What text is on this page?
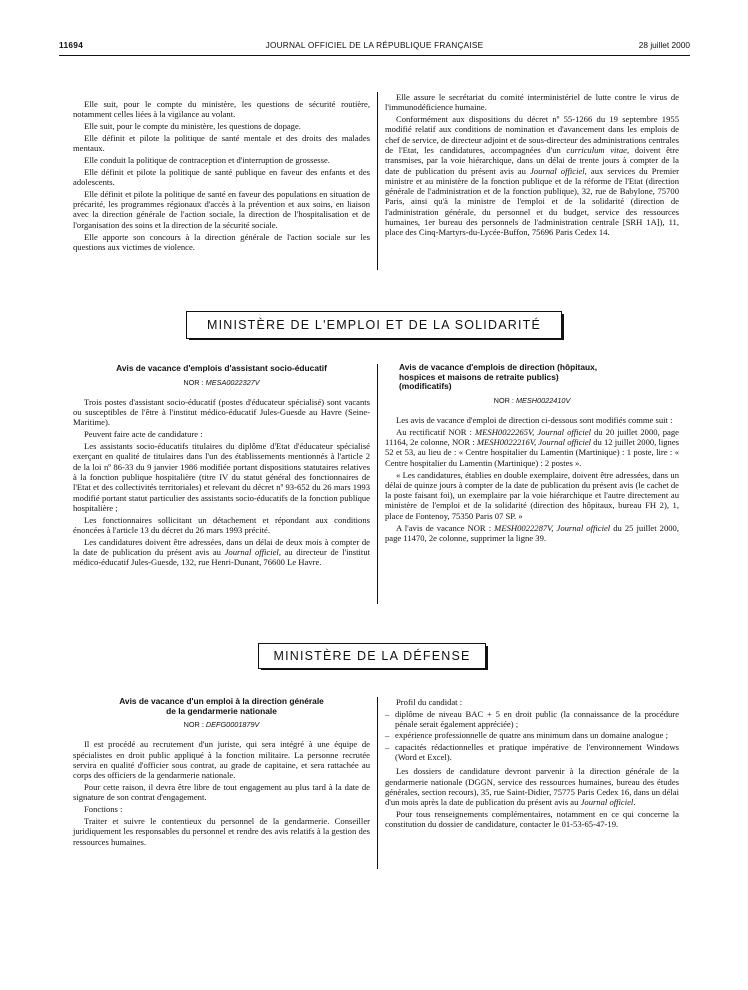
11694	JOURNAL OFFICIEL DE LA RÉPUBLIQUE FRANÇAISE	28 juillet 2000

Elle suit, pour le compte du ministère, les questions de sécurité routière, notamment celles liées à la vigilance au volant.

Elle suit, pour le compte du ministère, les questions de dopage.

Elle définit et pilote la politique de santé mentale et des droits des malades mentaux.

Elle conduit la politique de contraception et d'interruption de grossesse.

Elle définit et pilote la politique de santé publique en faveur des enfants et des adolescents.

Elle définit et pilote la politique de santé en faveur des populations en situation de précarité, les programmes régionaux d'accès à la prévention et aux soins, en liaison avec la direction générale de l'action sociale, la direction de l'hospitalisation et de l'organisation des soins et la direction de la sécurité sociale.

Elle apporte son concours à la direction générale de l'action sociale sur les questions aux victimes de violence.

Elle assure le secrétariat du comité interministériel de lutte contre le virus de l'immunodéficience humaine.

Conformément aux dispositions du décret nº 55-1266 du 19 septembre 1955 modifié relatif aux conditions de nomination et d'avancement dans les emplois de chef de service, de directeur adjoint et de sous-directeur des administrations centrales de l'Etat, les candidatures, accompagnées d'un curriculum vitae, doivent être transmises, par la voie hiérarchique, dans un délai de trente jours à compter de la date de publication du présent avis au Journal officiel, aux services du Premier ministre et au ministère de la fonction publique et de la réforme de l'Etat (direction générale de l'administration et de la fonction publique), 32, rue de Babylone, 75700 Paris, ainsi qu'à la ministre de l'emploi et de la solidarité (direction de l'administration générale, du personnel et du budget, service des ressources humaines, 1er bureau des personnels de l'administration centrale [SRH 1A]), 11, place des Cinq-Martyrs-du-Lycée-Buffon, 75696 Paris Cedex 14.

MINISTÈRE DE L'EMPLOI ET DE LA SOLIDARITÉ
Avis de vacance d'emplois d'assistant socio-éducatif
NOR : MESA0022327V

Trois postes d'assistant socio-éducatif (postes d'éducateur spécialisé) sont vacants ou susceptibles de l'être à l'institut médico-éducatif Jules-Guesde au Havre (Seine-Maritime).

Peuvent faire acte de candidature :

Les assistants socio-éducatifs titulaires du diplôme d'Etat d'éducateur spécialisé exerçant en qualité de titulaires dans l'un des établissements mentionnés à l'article 2 de la loi nº 86-33 du 9 janvier 1986 modifiée portant dispositions statutaires relatives à la fonction publique hospitalière (titre IV du statut général des fonctionnaires de l'Etat et des collectivités territoriales) et relevant du décret nº 93-652 du 26 mars 1993 modifié portant statut particulier des assistants socio-éducatifs de la fonction publique hospitalière ;

Les fonctionnaires sollicitant un détachement et répondant aux conditions énoncées à l'article 13 du décret du 26 mars 1993 précité.

Les candidatures doivent être adressées, dans un délai de deux mois à compter de la date de publication du présent avis au Journal officiel, au directeur de l'institut médico-éducatif Jules-Guesde, 132, rue Henri-Dunant, 76600 Le Havre.

Avis de vacance d'emplois de direction (hôpitaux,
hospices et maisons de retraite publics)
(modificatifs)
NOR : MESH0022410V

Les avis de vacance d'emploi de direction ci-dessous sont modifiés comme suit :

Au rectificatif NOR : MESH0022265V, Journal officiel du 20 juillet 2000, page 11164, 2e colonne, NOR : MESH0022216V, Journal officiel du 12 juillet 2000, lignes 52 et 53, au lieu de : « Centre hospitalier du Lamentin (Martinique) : 1 poste, lire : « Centre hospitalier du Lamentin (Martinique) : 2 postes ».

« Les candidatures, établies en double exemplaire, doivent être adressées, dans un délai de quinze jours à compter de la date de publication du présent avis (le cachet de la poste faisant foi), un exemplaire par la voie hiérarchique et l'autre directement au ministère de l'emploi et de la solidarité (direction des hôpitaux, bureau FH 2), 1, place de Fontenoy, 75350 Paris 07 SP. »

A l'avis de vacance NOR : MESH0022287V, Journal officiel du 25 juillet 2000, page 11470, 2e colonne, supprimer la ligne 39.

MINISTÈRE DE LA DÉFENSE
Avis de vacance d'un emploi à la direction générale
de la gendarmerie nationale
NOR : DEFG0001879V

Il est procédé au recrutement d'un juriste, qui sera intégré à une équipe de spécialistes en droit public appliqué à la fonction militaire. La personne recrutée servira en qualité d'officier sous contrat, au grade de capitaine, et sera rattachée au corps des officiers de la gendarmerie nationale.

Pour cette raison, il devra être libre de tout engagement au plus tard à la date de signature de son contrat d'engagement.

Fonctions :

Traiter et suivre le contentieux du personnel de la gendarmerie. Conseiller juridiquement les responsables du personnel et rendre des avis relatifs à la gestion des ressources humaines.

Profil du candidat :

– diplôme de niveau BAC + 5 en droit public (la connaissance de la procédure pénale serait également appréciée) ;
– expérience professionnelle de quatre ans minimum dans un domaine analogue ;
– capacités rédactionnelles et pratique impérative de l'environnement Windows (Word et Excel).

Les dossiers de candidature devront parvenir à la direction générale de la gendarmerie nationale (DGGN, service des ressources humaines, bureau des études générales, section recours), 35, rue Saint-Didier, 75775 Paris Cedex 16, dans un délai d'un mois après la date de publication du présent avis au Journal officiel.

Pour tous renseignements complémentaires, notamment en ce qui concerne la constitution du dossier de candidature, contacter le 01-53-65-47-19.
